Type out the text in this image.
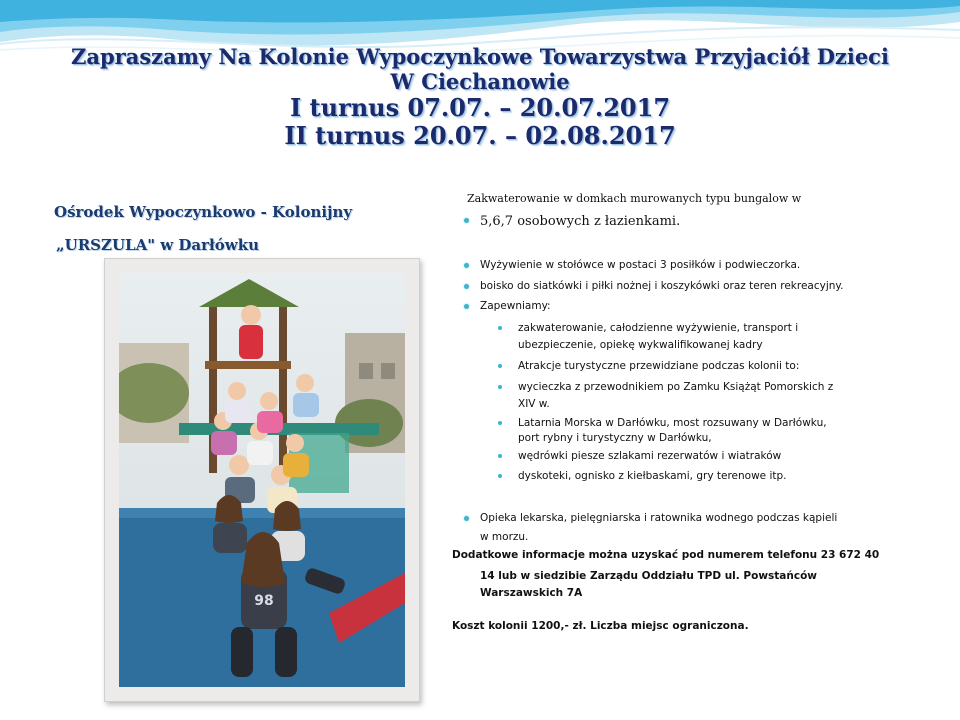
Zapraszamy Na Kolonie Wypoczynkowe Towarzystwa Przyjaciół Dzieci
W Ciechanowie
I turnus 07.07. – 20.07.2017
II turnus 20.07. – 02.08.2017
Ośrodek Wypoczynkowo - Kolonijny
„URSZULA" w Darłówku
98
Zakwaterowanie w domkach murowanych typu bungalow w
5,6,7 osobowych z łazienkami.
Wyżywienie w stołówce w postaci 3 posiłków i podwieczorka.
boisko do siatkówki i piłki nożnej i koszykówki oraz teren rekreacyjny.
Zapewniamy:
zakwaterowanie, całodzienne wyżywienie, transport i
ubezpieczenie, opiekę wykwalifikowanej kadry
Atrakcje turystyczne przewidziane podczas kolonii to:
wycieczka z przewodnikiem po Zamku Książąt Pomorskich z
XIV w.
Latarnia Morska w Darłówku, most rozsuwany w Darłówku,
port rybny i turystyczny w Darłówku,
wędrówki piesze szlakami rezerwatów i wiatraków
dyskoteki, ognisko z kiełbaskami, gry terenowe itp.
Opieka lekarska, pielęgniarska i ratownika wodnego podczas kąpieli
w morzu.
Dodatkowe informacje można uzyskać pod numerem telefonu 23 672 40
14 lub w siedzibie Zarządu Oddziału TPD ul. Powstańców
Warszawskich 7A
Koszt kolonii 1200,- zł. Liczba miejsc ograniczona.
